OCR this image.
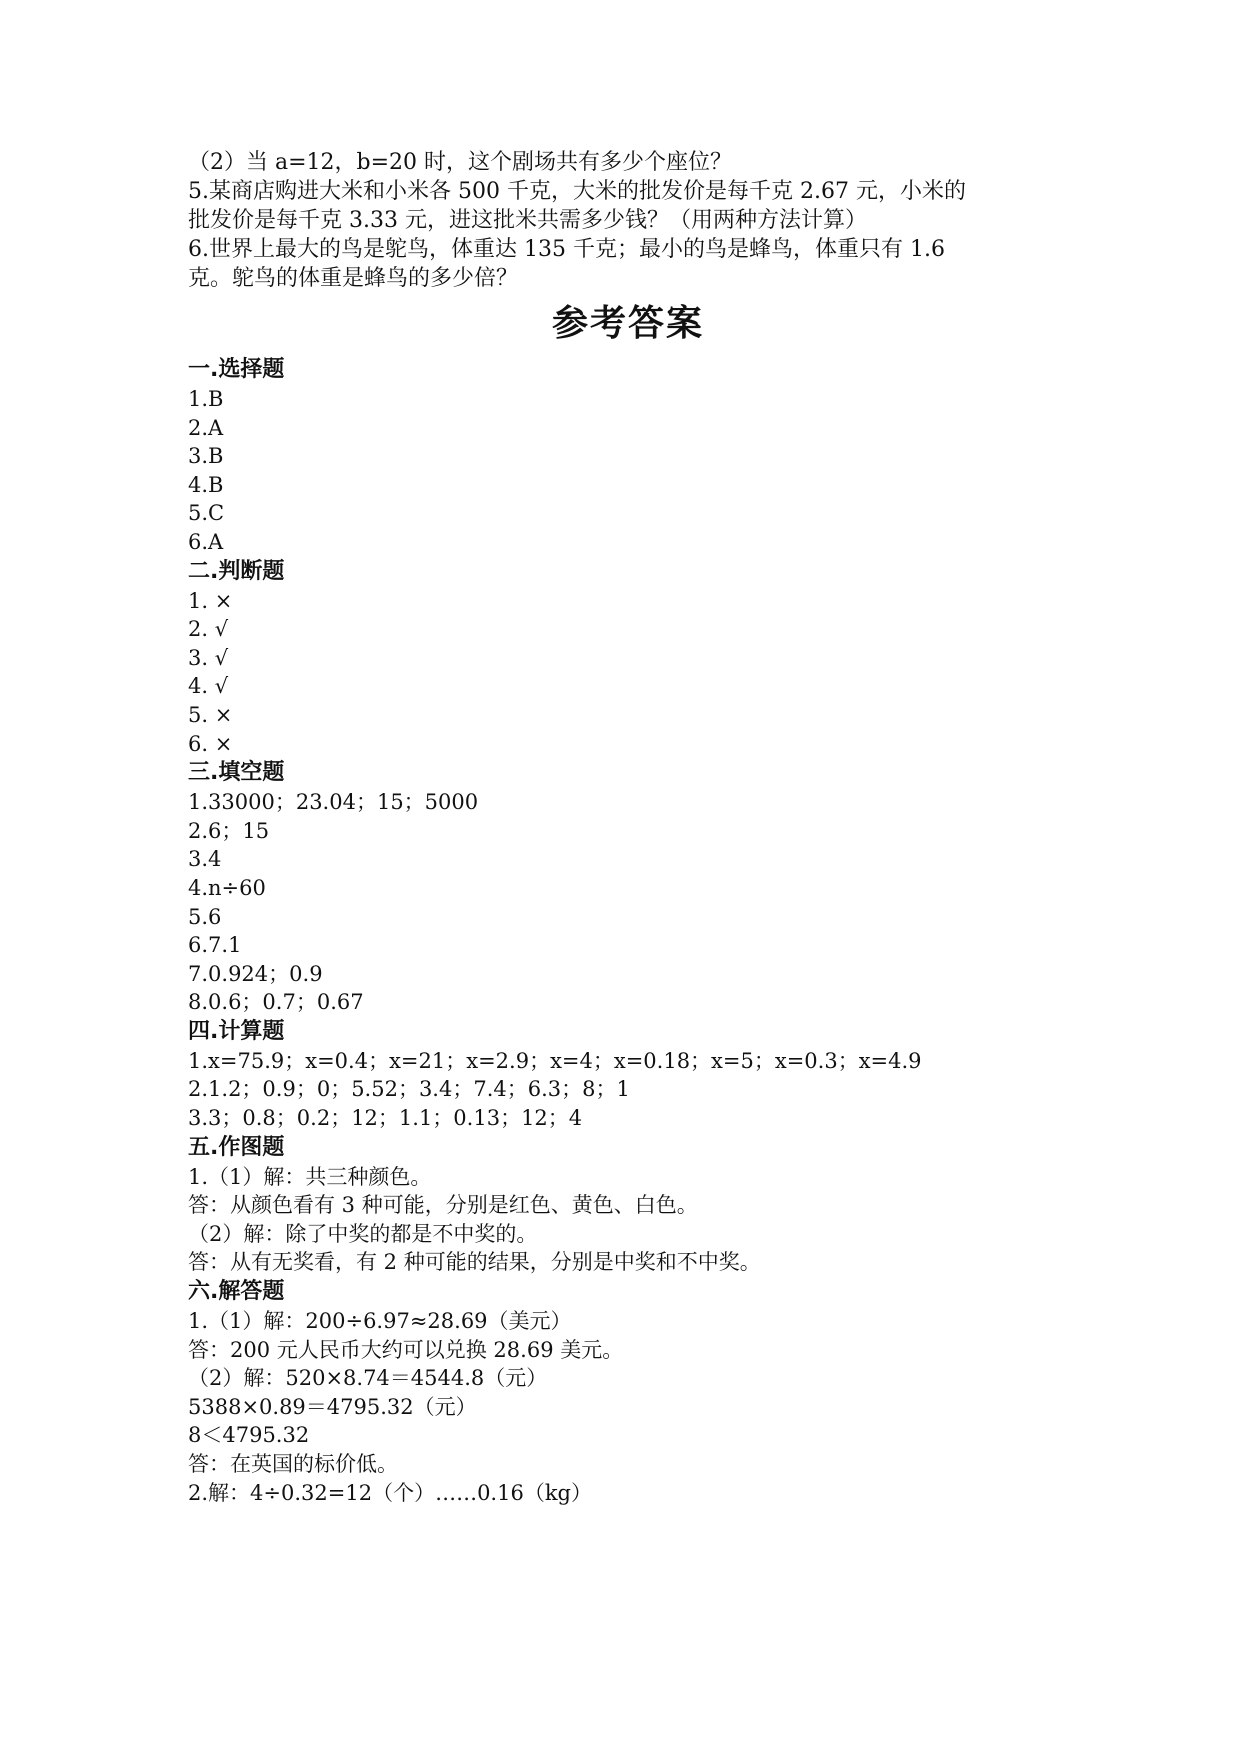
（2）当 a=12，b=20 时，这个剧场共有多少个座位？
5.某商店购进大米和小米各 500 千克，大米的批发价是每千克 2.67 元，小米的
批发价是每千克 3.33 元，进这批米共需多少钱？（用两种方法计算）
6.世界上最大的鸟是鸵鸟，体重达 135 千克；最小的鸟是蜂鸟，体重只有 1.6
克。鸵鸟的体重是蜂鸟的多少倍？
参考答案
一.选择题
1.B
2.A
3.B
4.B
5.C
6.A
二.判断题
1. ×
2. √
3. √
4. √
5. ×
6. ×
三.填空题
1.33000；23.04；15；5000
2.6；15
3.4
4.n÷60
5.6
6.7.1
7.0.924；0.9
8.0.6；0.7；0.67
四.计算题
1.x=75.9；x=0.4；x=21；x=2.9；x=4；x=0.18；x=5；x=0.3；x=4.9
2.1.2；0.9；0；5.52；3.4；7.4；6.3；8；1
3.3；0.8；0.2；12；1.1；0.13；12；4
五.作图题
1.（1）解：共三种颜色。
答：从颜色看有 3 种可能，分别是红色、黄色、白色。
（2）解：除了中奖的都是不中奖的。
答：从有无奖看，有 2 种可能的结果，分别是中奖和不中奖。
六.解答题
1.（1）解：200÷6.97≈28.69（美元）
答：200 元人民币大约可以兑换 28.69 美元。
（2）解：520×8.74＝4544.8（元）
5388×0.89＝4795.32（元）
8＜4795.32
答：在英国的标价低。
2.解：4÷0.32=12（个）……0.16（kg）
